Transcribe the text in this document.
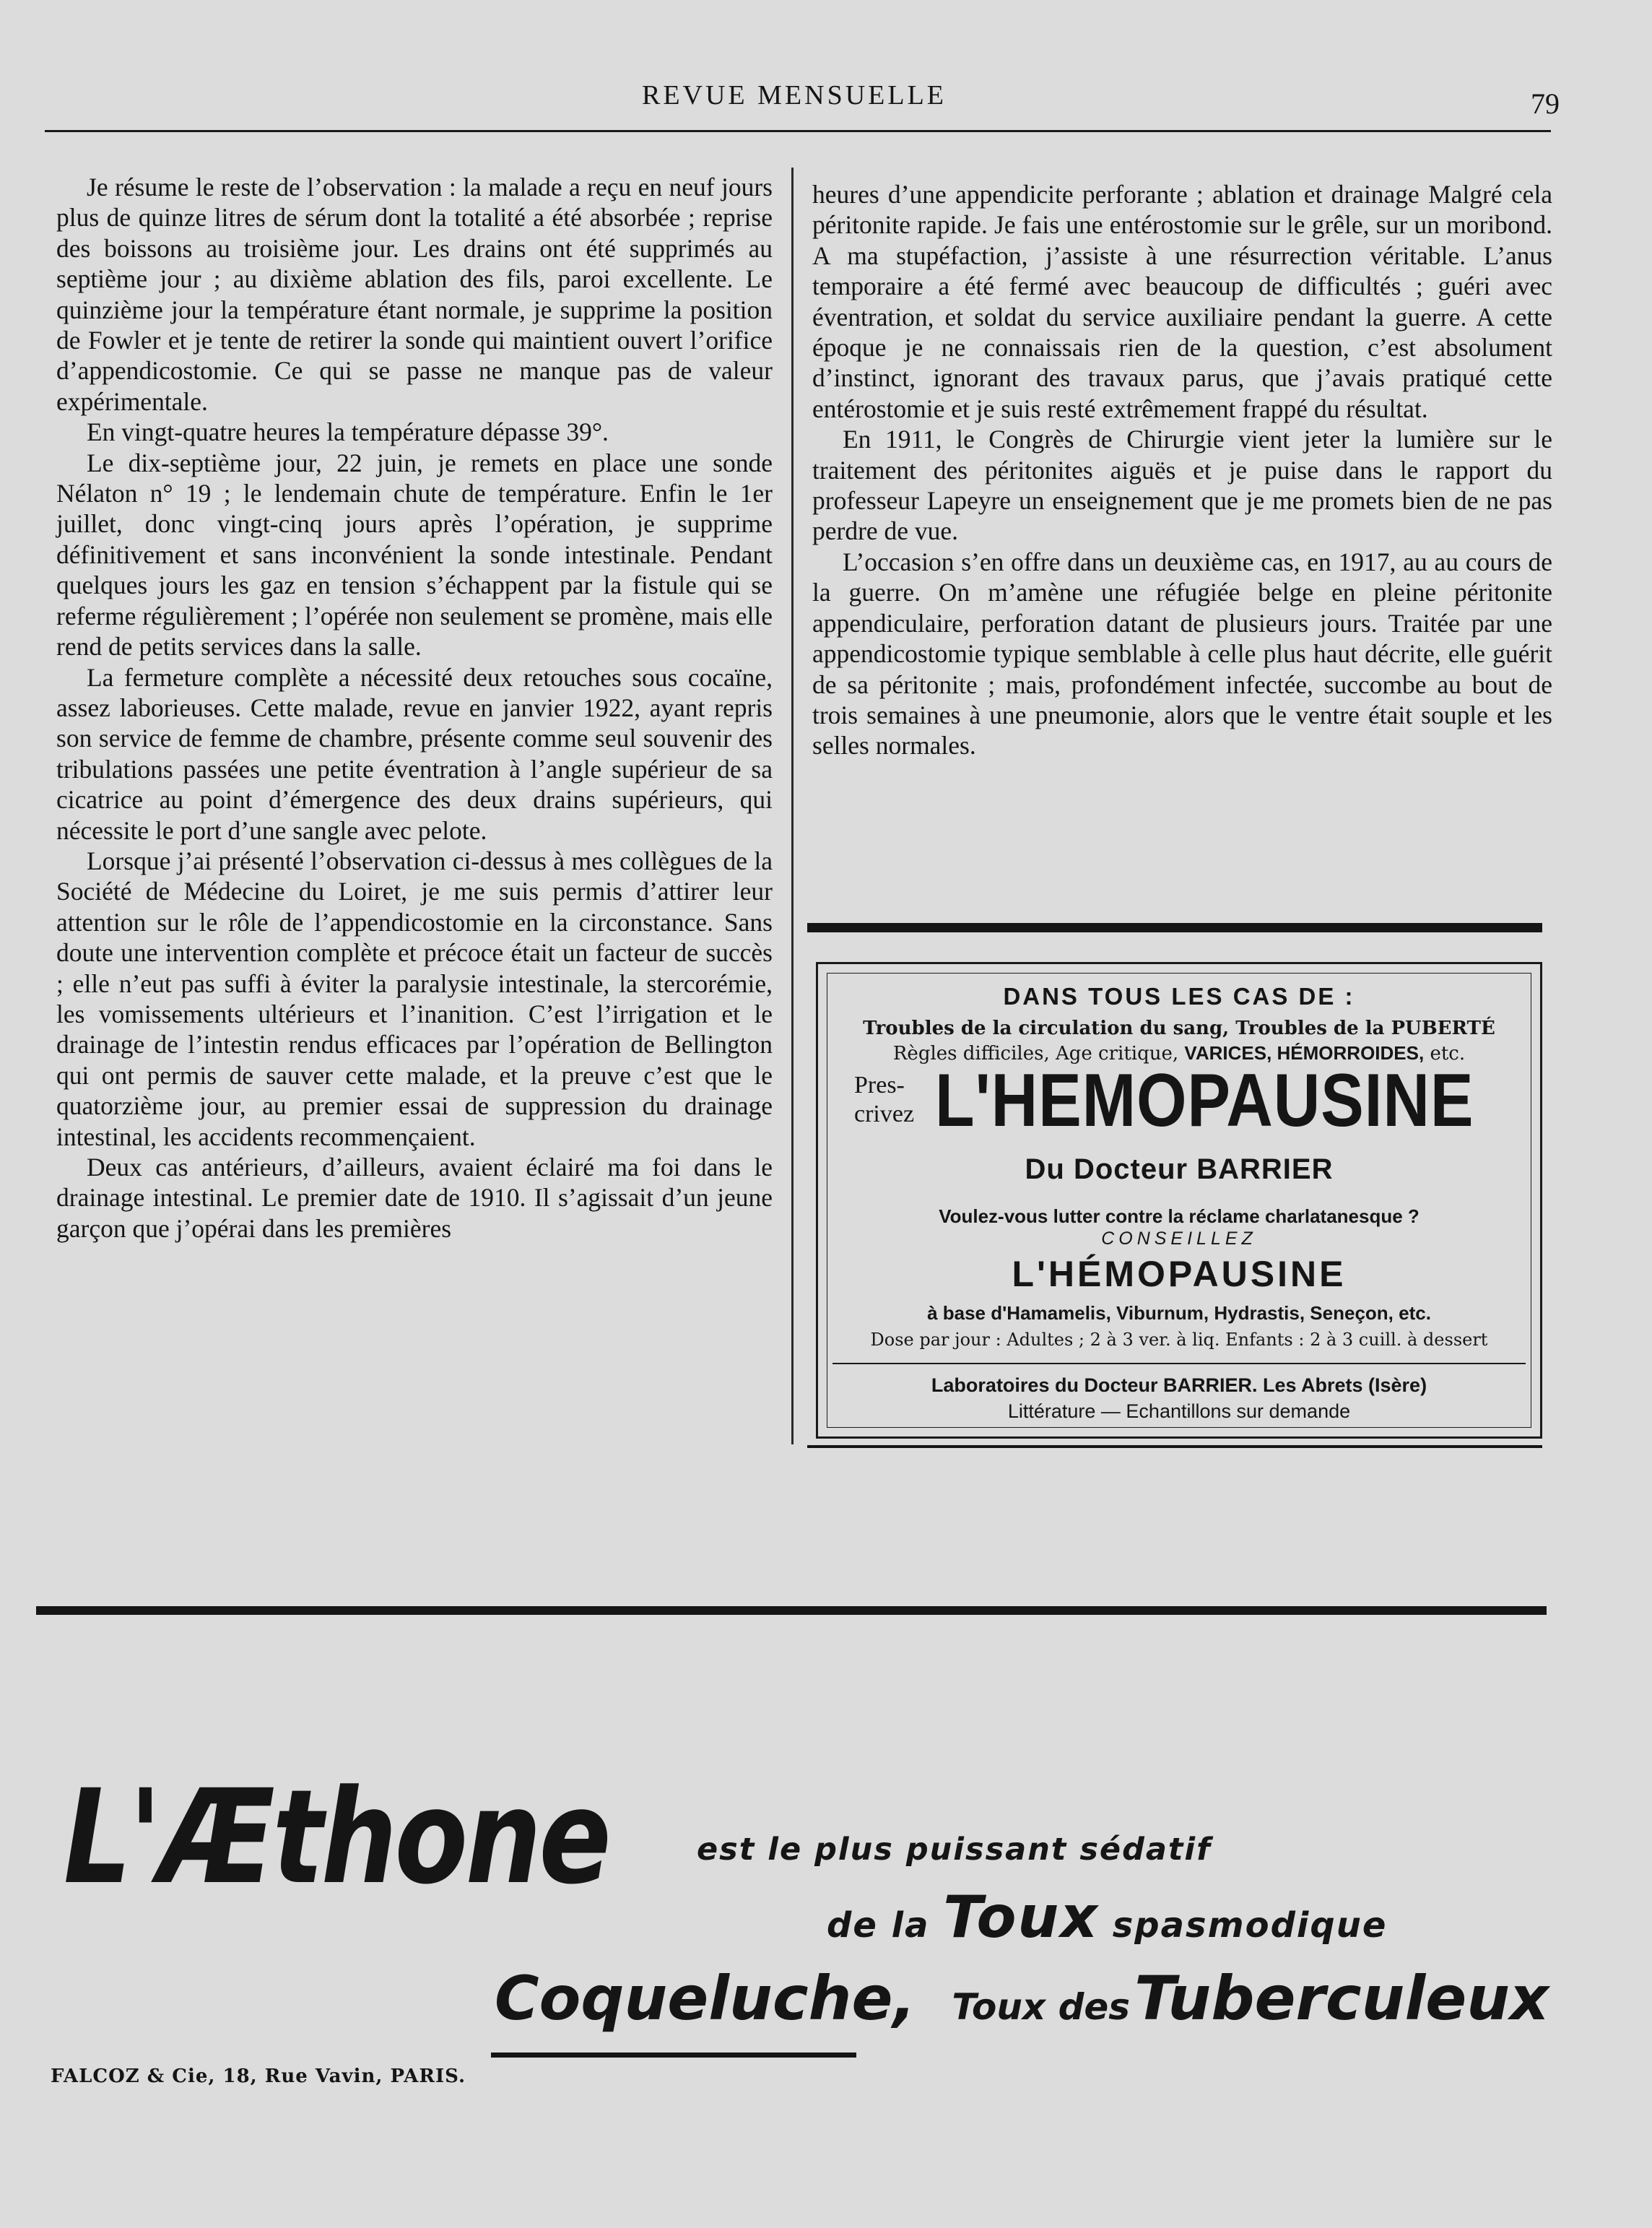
REVUE MENSUELLE	79

Je résume le reste de l’observation : la malade a reçu en neuf jours plus de quinze litres de sérum dont la totalité a été absorbée ; reprise des boissons au troisième jour. Les drains ont été supprimés au septième jour ; au dixième ablation des fils, paroi excellente. Le quinzième jour la température étant normale, je supprime la position de Fowler et je tente de retirer la sonde qui maintient ouvert l’orifice d’appendicostomie. Ce qui se passe ne manque pas de valeur expérimentale.

En vingt-quatre heures la température dépasse 39°.

Le dix-septième jour, 22 juin, je remets en place une sonde Nélaton n° 19 ; le lendemain chute de température. Enfin le 1er juillet, donc vingt-cinq jours après l’opération, je supprime définitivement et sans inconvénient la sonde intestinale. Pendant quelques jours les gaz en tension s’échappent par la fistule qui se referme régulièrement ; l’opérée non seulement se promène, mais elle rend de petits services dans la salle.

La fermeture complète a nécessité deux retouches sous cocaïne, assez laborieuses. Cette malade, revue en janvier 1922, ayant repris son service de femme de chambre, présente comme seul souvenir des tribulations passées une petite éventration à l’angle supérieur de sa cicatrice au point d’émergence des deux drains supérieurs, qui nécessite le port d’une sangle avec pelote.

Lorsque j’ai présenté l’observation ci-dessus à mes collègues de la Société de Médecine du Loiret, je me suis permis d’attirer leur attention sur le rôle de l’appendicostomie en la circonstance. Sans doute une intervention complète et précoce était un facteur de succès ; elle n’eut pas suffi à éviter la paralysie intestinale, la stercorémie, les vomissements ultérieurs et l’inanition. C’est l’irrigation et le drainage de l’intestin rendus efficaces par l’opération de Bellington qui ont permis de sauver cette malade, et la preuve c’est que le quatorzième jour, au premier essai de suppression du drainage intestinal, les accidents recommençaient.

Deux cas antérieurs, d’ailleurs, avaient éclairé ma foi dans le drainage intestinal. Le premier date de 1910. Il s’agissait d’un jeune garçon que j’opérai dans les premières

heures d’une appendicite perforante ; ablation et drainage Malgré cela péritonite rapide. Je fais une entérostomie sur le grêle, sur un moribond. A ma stupéfaction, j’assiste à une résurrection véritable. L’anus temporaire a été fermé avec beaucoup de difficultés ; guéri avec éventration, et soldat du service auxiliaire pendant la guerre. A cette époque je ne connaissais rien de la question, c’est absolument d’instinct, ignorant des travaux parus, que j’avais pratiqué cette entérostomie et je suis resté extrêmement frappé du résultat.

En 1911, le Congrès de Chirurgie vient jeter la lumière sur le traitement des péritonites aiguës et je puise dans le rapport du professeur Lapeyre un enseignement que je me promets bien de ne pas perdre de vue.

L’occasion s’en offre dans un deuxième cas, en 1917, au au cours de la guerre. On m’amène une réfugiée belge en pleine péritonite appendiculaire, perforation datant de plusieurs jours. Traitée par une appendicostomie typique semblable à celle plus haut décrite, elle guérit de sa péritonite ; mais, profondément infectée, succombe au bout de trois semaines à une pneumonie, alors que le ventre était souple et les selles normales.

DANS TOUS LES CAS DE :
Troubles de la circulation du sang, Troubles de la PUBERTÉ
Règles difficiles, Age critique, VARICES, HÉMORROIDES, etc.
Pres-
crivez L'HEMOPAUSINE
Du Docteur BARRIER
Voulez-vous lutter contre la réclame charlatanesque ?
CONSEILLEZ
L'HÉMOPAUSINE
à base d'Hamamelis, Viburnum, Hydrastis, Seneçon, etc.
Dose par jour : Adultes ; 2 à 3 ver. à liq. Enfants : 2 à 3 cuill. à dessert
Laboratoires du Docteur BARRIER. Les Abrets (Isère)
Littérature — Echantillons sur demande
L'Æthone	est le plus puissant sédatif
de la Toux spasmodique
Coqueluche, Toux desTuberculeux
FALCOZ & Cie, 18, Rue Vavin, PARIS.
